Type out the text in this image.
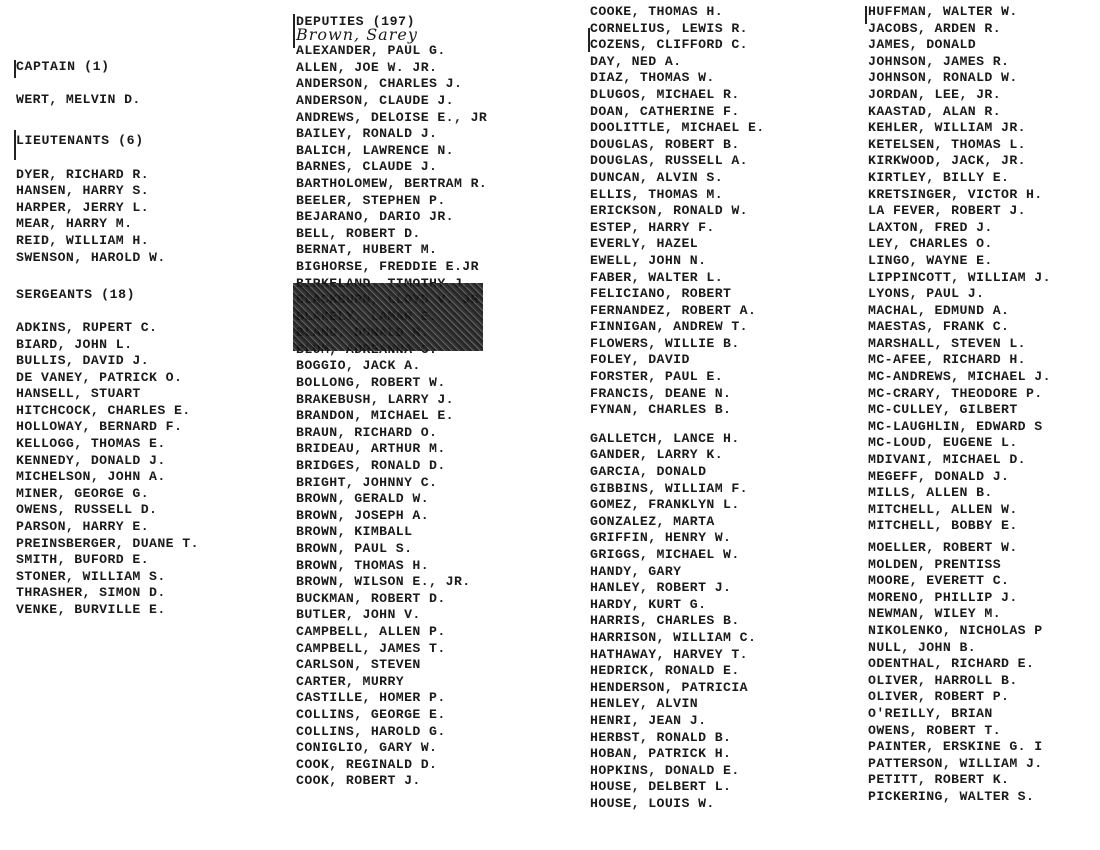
CAPTAIN (1)
WERT, MELVIN D.
LIEUTENANTS (6)
DYER, RICHARD R.
HANSEN, HARRY S.
HARPER, JERRY L.
MEAR, HARRY M.
REID, WILLIAM H.
SWENSON, HAROLD W.
SERGEANTS (18)
ADKINS, RUPERT C.
BIARD, JOHN L.
BULLIS, DAVID J.
DE VANEY, PATRICK O.
HANSELL, STUART
HITCHCOCK, CHARLES E.
HOLLOWAY, BERNARD F.
KELLOGG, THOMAS E.
KENNEDY, DONALD J.
MICHELSON, JOHN A.
MINER, GEORGE G.
OWENS, RUSSELL D.
PARSON, HARRY E.
PREINSBERGER, DUANE T.
SMITH, BUFORD E.
STONER, WILLIAM S.
THRASHER, SIMON D.
VENKE, BURVILLE E.
DEPUTIES (197)
Brown, Sarey
ALEXANDER, PAUL G.
ALLEN, JOE W. JR.
ANDERSON, CHARLES J.
ANDERSON, CLAUDE J.
ANDREWS, DELOISE E., JR
BAILEY, RONALD J.
BALICH, LAWRENCE N.
BARNES, CLAUDE J.
BARTHOLOMEW, BERTRAM R.
BEELER, STEPHEN P.
BEJARANO, DARIO JR.
BELL, ROBERT D.
BERNAT, HUBERT M.
BIGHORSE, FREDDIE E.JR
BOGGIO, JACK A.
BOLLONG, ROBERT W.
BRAKEBUSH, LARRY J.
BRANDON, MICHAEL E.
BRAUN, RICHARD O.
BRIDEAU, ARTHUR M.
BRIDGES, RONALD D.
BRIGHT, JOHNNY C.
BROWN, GERALD W.
BROWN, JOSEPH A.
BROWN, KIMBALL
BROWN, PAUL S.
BROWN, THOMAS H.
BROWN, WILSON E., JR.
BUCKMAN, ROBERT D.
BUTLER, JOHN V.
CAMPBELL, ALLEN P.
CAMPBELL, JAMES T.
CARLSON, STEVEN
CARTER, MURRY
CASTILLE, HOMER P.
COLLINS, GEORGE E.
COLLINS, HAROLD G.
CONIGLIO, GARY W.
COOK, REGINALD D.
COOK, ROBERT J.
COOKE, THOMAS H.
CORNELIUS, LEWIS R.
COZENS, CLIFFORD C.
DAY, NED A.
DIAZ, THOMAS W.
DLUGOS, MICHAEL R.
DOAN, CATHERINE F.
DOOLITTLE, MICHAEL E.
DOUGLAS, ROBERT B.
DOUGLAS, RUSSELL A.
DUNCAN, ALVIN S.
ELLIS, THOMAS M.
ERICKSON, RONALD W.
ESTEP, HARRY F.
EVERLY, HAZEL
EWELL, JOHN N.
FABER, WALTER L.
FELICIANO, ROBERT
FERNANDEZ, ROBERT A.
FINNIGAN, ANDREW T.
FLOWERS, WILLIE B.
FOLEY, DAVID
FORSTER, PAUL E.
FRANCIS, DEANE N.
FYNAN, CHARLES B.
GALLETCH, LANCE H.
GANDER, LARRY K.
GARCIA, DONALD
GIBBINS, WILLIAM F.
GOMEZ, FRANKLYN L.
GONZALEZ, MARTA
GRIFFIN, HENRY W.
GRIGGS, MICHAEL W.
HANDY, GARY
HANLEY, ROBERT J.
HARDY, KURT G.
HARRIS, CHARLES B.
HARRISON, WILLIAM C.
HATHAWAY, HARVEY T.
HEDRICK, RONALD E.
HENDERSON, PATRICIA
HENLEY, ALVIN
HENRI, JEAN J.
HERBST, RONALD B.
HOBAN, PATRICK H.
HOPKINS, DONALD E.
HOUSE, DELBERT L.
HOUSE, LOUIS W.
HUFFMAN, WALTER W.
JACOBS, ARDEN R.
JAMES, DONALD
JOHNSON, JAMES R.
JOHNSON, RONALD W.
JORDAN, LEE, JR.
KAASTAD, ALAN R.
KEHLER, WILLIAM JR.
KETELSEN, THOMAS L.
KIRKWOOD, JACK, JR.
KIRTLEY, BILLY E.
KRETSINGER, VICTOR H.
LA FEVER, ROBERT J.
LAXTON, FRED J.
LEY, CHARLES O.
LINGO, WAYNE E.
LIPPINCOTT, WILLIAM J.
LYONS, PAUL J.
MACHAL, EDMUND A.
MAESTAS, FRANK C.
MARSHALL, STEVEN L.
MC-AFEE, RICHARD H.
MC-ANDREWS, MICHAEL J.
MC-CRARY, THEODORE P.
MC-CULLEY, GILBERT
MC-LAUGHLIN, EDWARD S
MC-LOUD, EUGENE L.
MDIVANI, MICHAEL D.
MEGEFF, DONALD J.
MILLS, ALLEN B.
MITCHELL, ALLEN W.
MITCHELL, BOBBY E.
MOELLER, ROBERT W.
MOLDEN, PRENTISS
MOORE, EVERETT C.
MORENO, PHILLIP J.
NEWMAN, WILEY M.
NIKOLENKO, NICHOLAS P
NULL, JOHN B.
ODENTHAL, RICHARD E.
OLIVER, HARROLL B.
OLIVER, ROBERT P.
O'REILLY, BRIAN
OWENS, ROBERT T.
PAINTER, ERSKINE G. I
PATTERSON, WILLIAM J.
PETITT, ROBERT K.
PICKERING, WALTER S.
